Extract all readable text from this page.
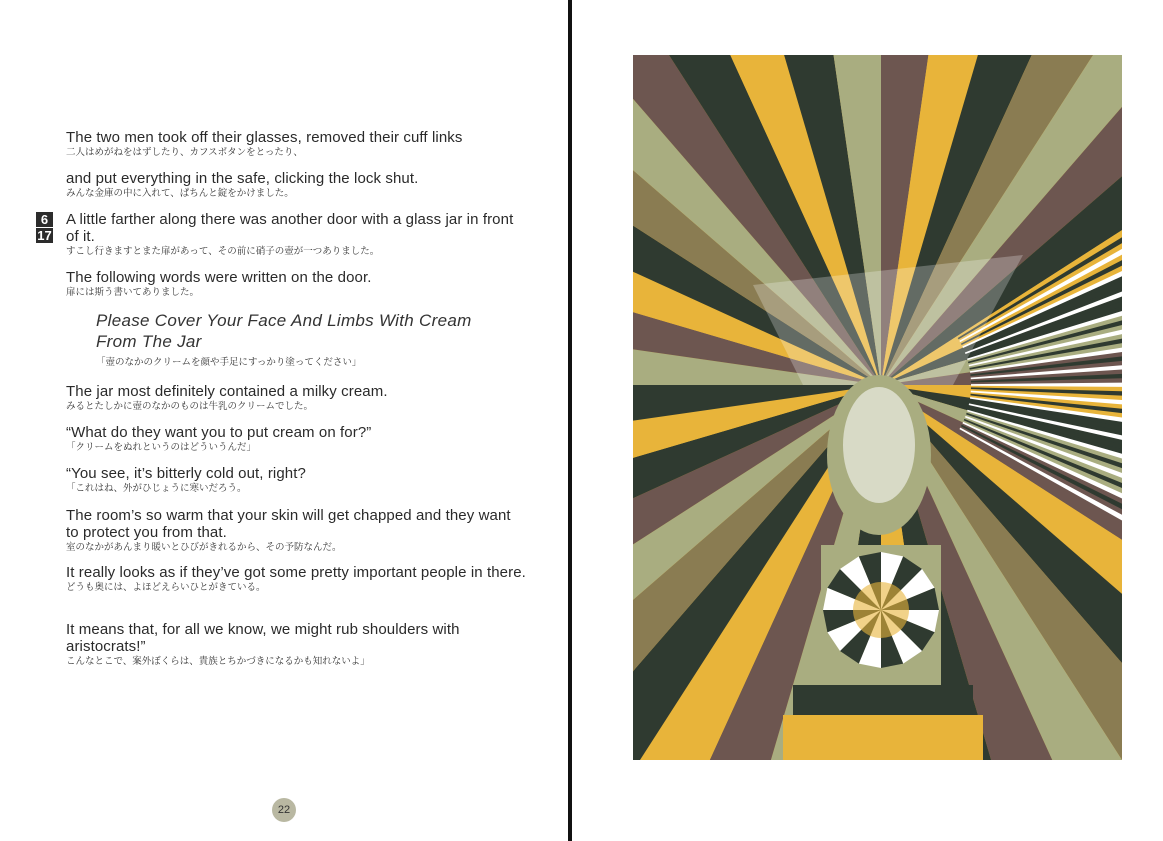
6
17
The two men took off their glasses, removed their cuff links
二人はめがねをはずしたり、カフスボタンをとったり、
and put everything in the safe, clicking the lock shut.
みんな金庫の中に入れて、ぱちんと錠をかけました。
A little farther along there was another door with a glass jar in front of it.
すこし行きますとまた扉があって、その前に硝子の壺が一つありました。
The following words were written on the door.
扉には斯う書いてありました。
Please Cover Your Face And Limbs With Cream From The Jar
「壺のなかのクリームを顔や手足にすっかり塗ってください」
The jar most definitely contained a milky cream.
みるとたしかに壺のなかのものは牛乳のクリームでした。
“What do they want you to put cream on for?”
「クリームをぬれというのはどういうんだ」
“You see, it’s bitterly cold out, right?
「これはね、外がひじょうに寒いだろう。
The room’s so warm that your skin will get chapped and they want to protect you from that.
室のなかがあんまり暖いとひびがきれるから、その予防なんだ。
It really looks as if they’ve got some pretty important people in there.
どうも奥には、よほどえらいひとがきている。
It means that, for all we know, we might rub shoulders with aristocrats!”
こんなとこで、案外ぼくらは、貴族とちかづきになるかも知れないよ」
22
